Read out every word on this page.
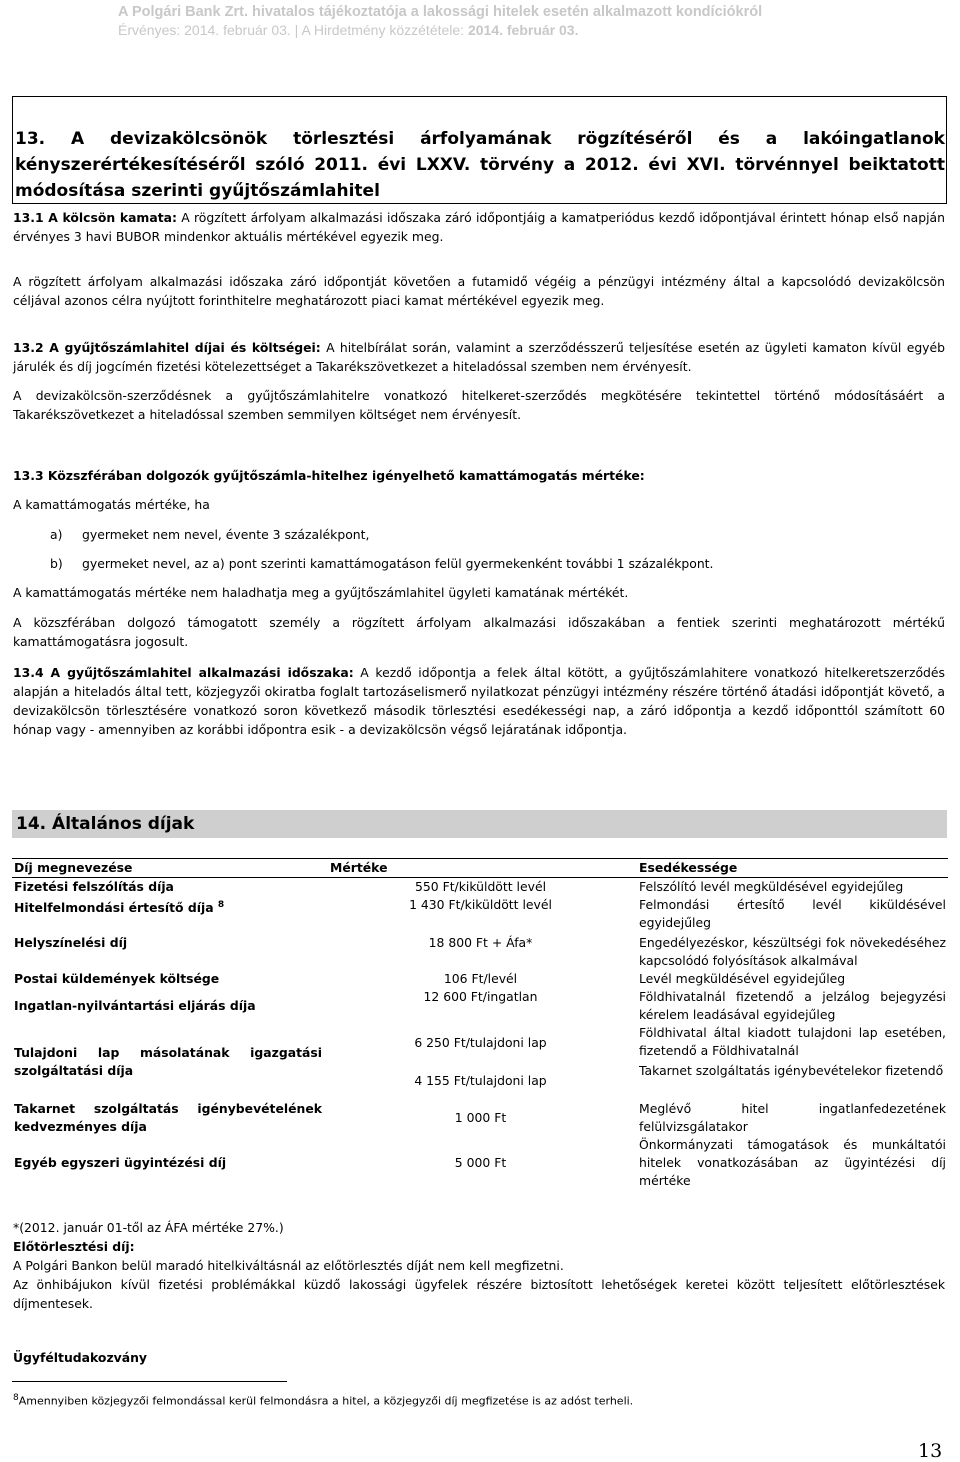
A Polgári Bank Zrt. hivatalos tájékoztatója a lakossági hitelek esetén alkalmazott kondíciókról
Érvényes: 2014. február 03. | A Hirdetmény közzététele: 2014. február 03.
13. A devizakölcsönök törlesztési árfolyamának rögzítéséről és a lakóingatlanok kényszerértékesítéséről szóló 2011. évi LXXV. törvény a 2012. évi XVI. törvénnyel beiktatott módosítása szerinti gyűjtőszámlahitel
13.1 A kölcsön kamata: A rögzített árfolyam alkalmazási időszaka záró időpontjáig a kamatperiódus kezdő időpontjával érintett hónap első napján érvényes 3 havi BUBOR mindenkor aktuális mértékével egyezik meg.
A rögzített árfolyam alkalmazási időszaka záró időpontját követően a futamidő végéig a pénzügyi intézmény által a kapcsolódó devizakölcsön céljával azonos célra nyújtott forinthitelre meghatározott piaci kamat mértékével egyezik meg.
13.2 A gyűjtőszámlahitel díjai és költségei: A hitelbírálat során, valamint a szerződésszerű teljesítése esetén az ügyleti kamaton kívül egyéb járulék és díj jogcímén fizetési kötelezettséget a Takarékszövetkezet a hiteladóssal szemben nem érvényesít.
A devizakölcsön-szerződésnek a gyűjtőszámlahitelre vonatkozó hitelkeret-szerződés megkötésére tekintettel történő módosításáért a Takarékszövetkezet a hiteladóssal szemben semmilyen költséget nem érvényesít.
13.3 Közszférában dolgozók gyűjtőszámla-hitelhez igényelhető kamattámogatás mértéke:
A kamattámogatás mértéke, ha
a) gyermeket nem nevel, évente 3 százalékpont,
b) gyermeket nevel, az a) pont szerinti kamattámogatáson felül gyermekenként további 1 százalékpont.
A kamattámogatás mértéke nem haladhatja meg a gyűjtőszámlahitel ügyleti kamatának mértékét.
A közszférában dolgozó támogatott személy a rögzített árfolyam alkalmazási időszakában a fentiek szerinti meghatározott mértékű kamattámogatásra jogosult.
13.4 A gyűjtőszámlahitel alkalmazási időszaka: A kezdő időpontja a felek által kötött, a gyűjtőszámlahitere vonatkozó hitelkeretszerződés alapján a hiteladós által tett, közjegyzői okiratba foglalt tartozáselismerő nyilatkozat pénzügyi intézmény részére történő átadási időpontját követő, a devizakölcsön törlesztésére vonatkozó soron következő második törlesztési esedékességi nap, a záró időpontja a kezdő időponttól számított 60 hónap vagy - amennyiben az korábbi időpontra esik - a devizakölcsön végső lejáratának időpontja.
14. Általános díjak
Díj megnevezése	Mértéke	Esedékessége
Fizetési felszólítás díja	550 Ft/kiküldött levél	Felszólító levél megküldésével egyidejűleg
Hitelfelmondási értesítő díja $^8$	1 430 Ft/kiküldött levél	Felmondási értesítő levél kiküldésével egyidejűleg
Helyszínelési díj	18 800 Ft + Áfa*	Engedélyezéskor, készültségi fok növekedéséhez kapcsolódó folyósítások alkalmával
Postai küldemények költsége	106 Ft/levél	Levél megküldésével egyidejűleg
Ingatlan-nyilvántartási eljárás díja	12 600 Ft/ingatlan	Földhivatalnál fizetendő a jelzálog bejegyzési kérelem leadásával egyidejűleg
Tulajdoni lap másolatának igazgatási szolgáltatási díja	6 250 Ft/tulajdoni lap	Földhivatal által kiadott tulajdoni lap esetében, fizetendő a Földhivatalnál
	4 155 Ft/tulajdoni lap	Takarnet szolgáltatás igénybevételekor fizetendő
Takarnet szolgáltatás igénybevételének kedvezményes díja	1 000 Ft	Meglévő hitel ingatlanfedezetének felülvizsgálatakor
Egyéb egyszeri ügyintézési díj	5 000 Ft	Önkormányzati támogatások és munkáltatói hitelek vonatkozásában az ügyintézési díj mértéke
*(2012. január 01-től az ÁFA mértéke 27%.)
Előtörlesztési díj:
A Polgári Bankon belül maradó hitelkiváltásnál az előtörlesztés díját nem kell megfizetni.
Az önhibájukon kívül fizetési problémákkal küzdő lakossági ügyfelek részére biztosított lehetőségek keretei között teljesített előtörlesztések díjmentesek.
Ügyféltudakozvány
$^8$Amennyiben közjegyzői felmondással kerül felmondásra a hitel, a közjegyzői díj megfizetése is az adóst terheli.
13
